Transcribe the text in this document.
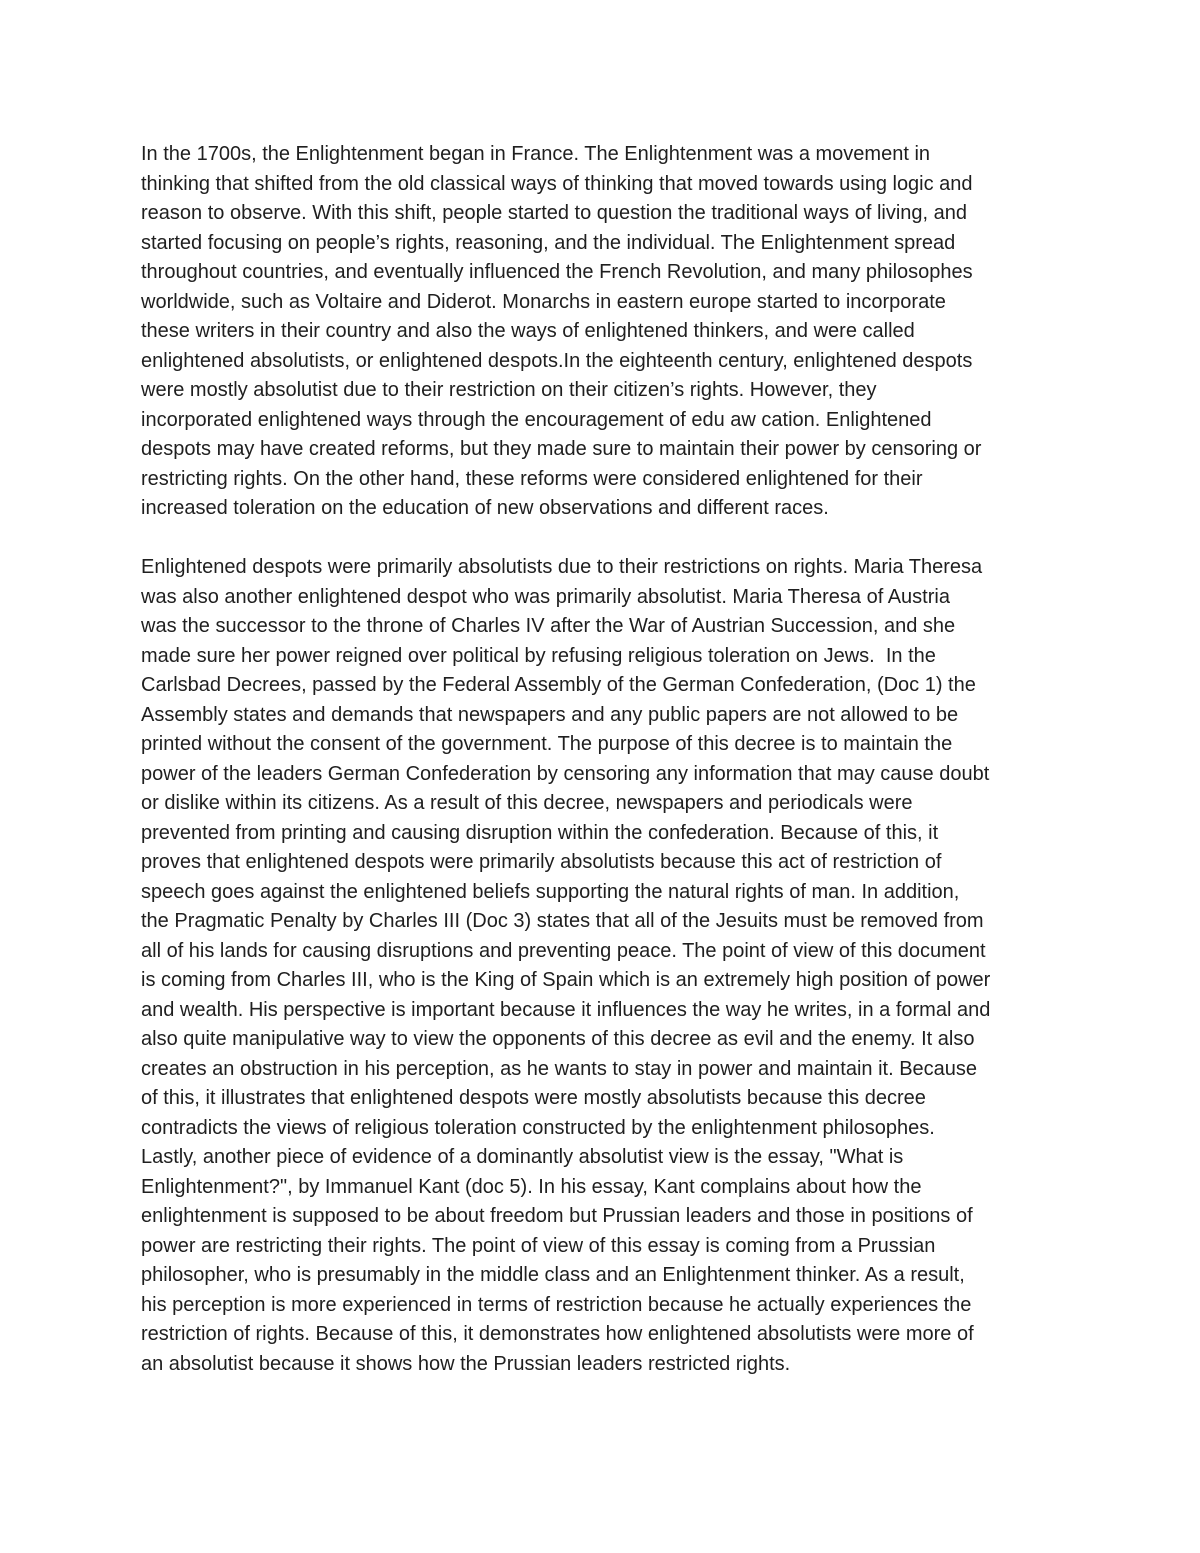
In the 1700s, the Enlightenment began in France. The Enlightenment was a movement in
thinking that shifted from the old classical ways of thinking that moved towards using logic and
reason to observe. With this shift, people started to question the traditional ways of living, and
started focusing on people’s rights, reasoning, and the individual. The Enlightenment spread
throughout countries, and eventually influenced the French Revolution, and many philosophes
worldwide, such as Voltaire and Diderot. Monarchs in eastern europe started to incorporate
these writers in their country and also the ways of enlightened thinkers, and were called
enlightened absolutists, or enlightened despots.In the eighteenth century, enlightened despots
were mostly absolutist due to their restriction on their citizen’s rights. However, they
incorporated enlightened ways through the encouragement of edu aw cation. Enlightened
despots may have created reforms, but they made sure to maintain their power by censoring or
restricting rights. On the other hand, these reforms were considered enlightened for their
increased toleration on the education of new observations and different races.
Enlightened despots were primarily absolutists due to their restrictions on rights. Maria Theresa
was also another enlightened despot who was primarily absolutist. Maria Theresa of Austria
was the successor to the throne of Charles IV after the War of Austrian Succession, and she
made sure her power reigned over political by refusing religious toleration on Jews.  In the
Carlsbad Decrees, passed by the Federal Assembly of the German Confederation, (Doc 1) the
Assembly states and demands that newspapers and any public papers are not allowed to be
printed without the consent of the government. The purpose of this decree is to maintain the
power of the leaders German Confederation by censoring any information that may cause doubt
or dislike within its citizens. As a result of this decree, newspapers and periodicals were
prevented from printing and causing disruption within the confederation. Because of this, it
proves that enlightened despots were primarily absolutists because this act of restriction of
speech goes against the enlightened beliefs supporting the natural rights of man. In addition,
the Pragmatic Penalty by Charles III (Doc 3) states that all of the Jesuits must be removed from
all of his lands for causing disruptions and preventing peace. The point of view of this document
is coming from Charles III, who is the King of Spain which is an extremely high position of power
and wealth. His perspective is important because it influences the way he writes, in a formal and
also quite manipulative way to view the opponents of this decree as evil and the enemy. It also
creates an obstruction in his perception, as he wants to stay in power and maintain it. Because
of this, it illustrates that enlightened despots were mostly absolutists because this decree
contradicts the views of religious toleration constructed by the enlightenment philosophes.
Lastly, another piece of evidence of a dominantly absolutist view is the essay, "What is
Enlightenment?", by Immanuel Kant (doc 5). In his essay, Kant complains about how the
enlightenment is supposed to be about freedom but Prussian leaders and those in positions of
power are restricting their rights. The point of view of this essay is coming from a Prussian
philosopher, who is presumably in the middle class and an Enlightenment thinker. As a result,
his perception is more experienced in terms of restriction because he actually experiences the
restriction of rights. Because of this, it demonstrates how enlightened absolutists were more of
an absolutist because it shows how the Prussian leaders restricted rights.
